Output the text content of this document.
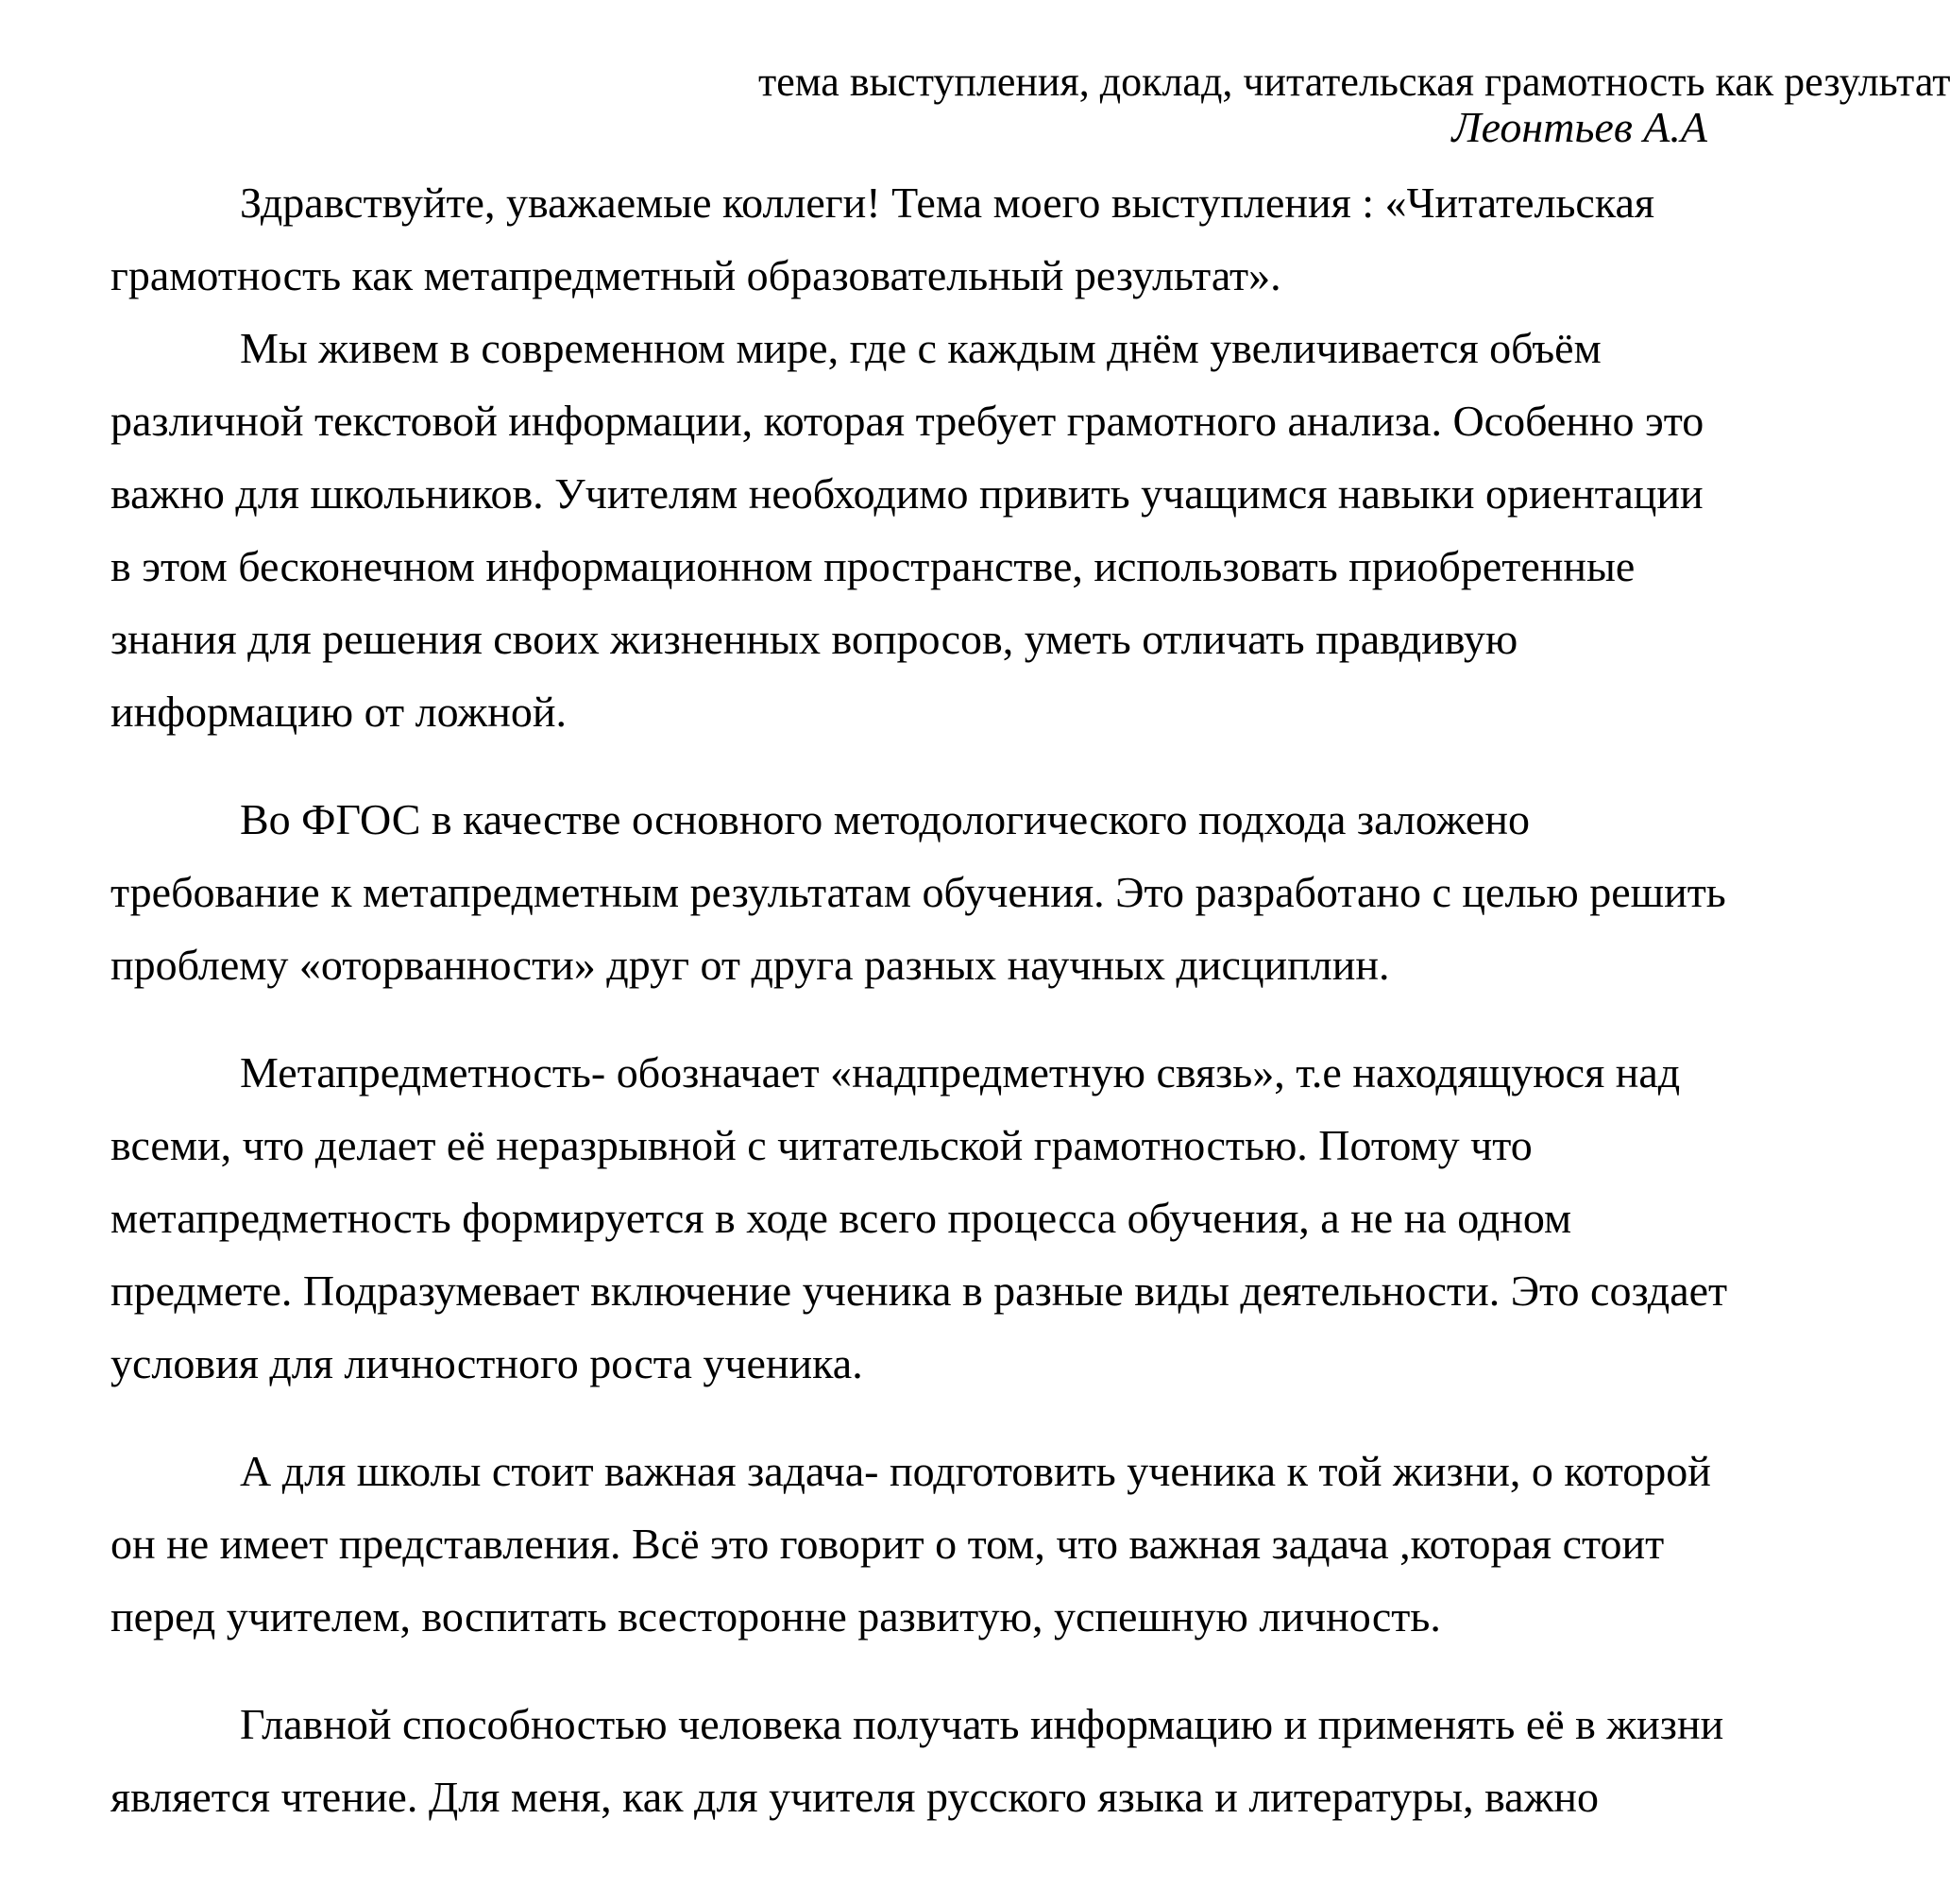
тема выступления, доклад, читательская грамотность как результат
Леонтьев А.А

Здравствуйте, уважаемые коллеги! Тема моего выступления : «Читательская
грамотность как метапредметный образовательный результат».

Мы живем в современном мире, где с каждым днём увеличивается объём
различной текстовой информации, которая требует грамотного анализа. Особенно это
важно для школьников. Учителям необходимо привить учащимся навыки ориентации
в этом бесконечном информационном пространстве, использовать приобретенные
знания для решения своих жизненных вопросов, уметь отличать правдивую
информацию от ложной.

Во ФГОС в качестве основного методологического подхода заложено
требование к метапредметным результатам обучения. Это разработано с целью решить
проблему «оторванности» друг от друга разных научных дисциплин.

Метапредметность- обозначает «надпредметную связь», т.е находящуюся над
всеми, что делает её неразрывной с читательской грамотностью. Потому что
метапредметность формируется в ходе всего процесса обучения, а не на одном
предмете. Подразумевает включение ученика в разные виды деятельности. Это создает
условия для личностного роста ученика.

А для школы стоит важная задача- подготовить ученика к той жизни, о которой
он не имеет представления. Всё это говорит о том, что важная задача ,которая стоит
перед учителем, воспитать всесторонне развитую, успешную личность.

Главной способностью человека получать информацию и применять её в жизни
является чтение. Для меня, как для учителя русского языка и литературы, важно
